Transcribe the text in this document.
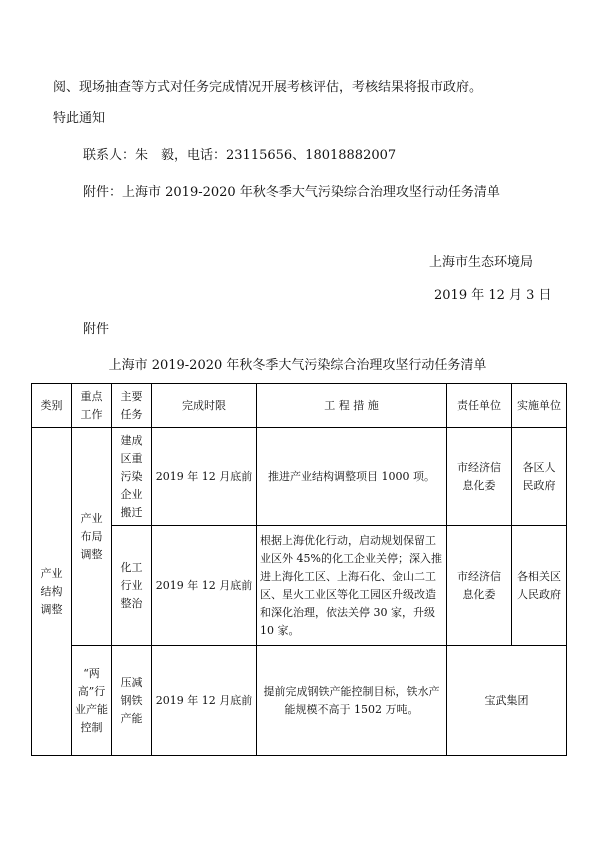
阅、现场抽查等方式对任务完成情况开展考核评估，考核结果将报市政府。
特此通知
联系人：朱　毅，电话：23115656、18018882007
附件：上海市 2019-2020 年秋冬季大气污染综合治理攻坚行动任务清单
上海市生态环境局
2019 年 12 月 3 日
附件
上海市 2019-2020 年秋冬季大气污染综合治理攻坚行动任务清单
类别	重点工作	主要任务	完成时限	工 程 措 施	责任单位	实施单位

产业结构调整	产业布局调整	建成区重污染企业搬迁	2019 年 12 月底前	推进产业结构调整项目 1000 项。	市经济信息化委	各区人民政府

		化工行业整治	2019 年 12 月底前	根据上海优化行动，启动规划保留工业区外 45%的化工企业关停；深入推进上海化工区、上海石化、金山二工区、星火工业区等化工园区升级改造和深化治理，依法关停 30 家，升级 10 家。	市经济信息化委	各相关区人民政府

	“两高”行业产能控制	压减钢铁产能	2019 年 12 月底前	提前完成钢铁产能控制目标，铁水产能规模不高于 1502 万吨。	宝武集团	
